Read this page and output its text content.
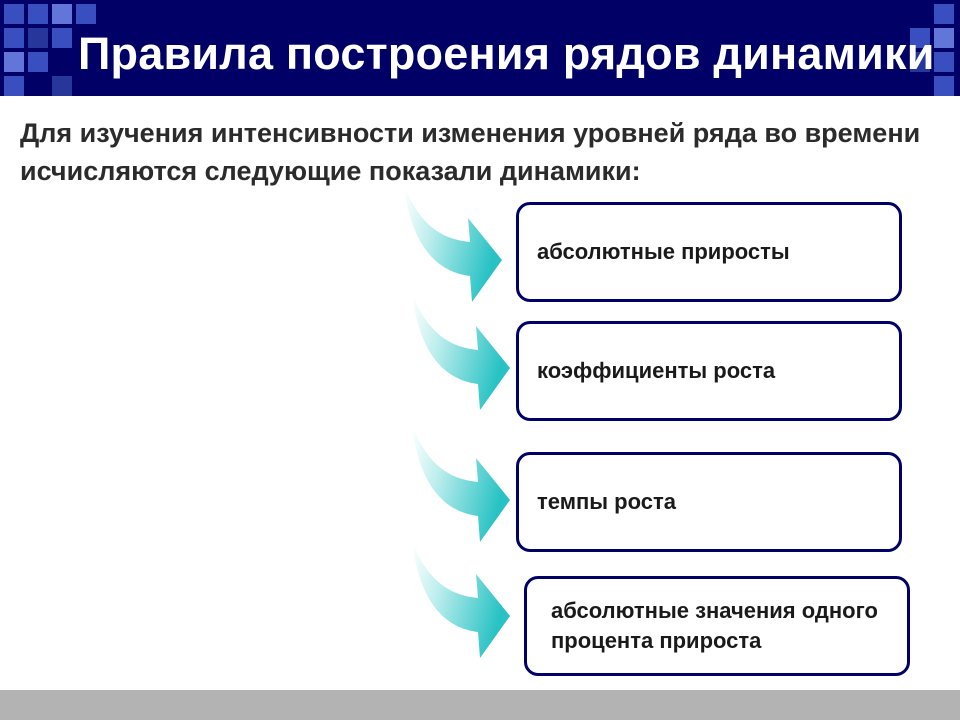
Правила построения рядов динамики
Для изучения интенсивности изменения уровней ряда во времени исчисляются следующие показали динамики:
абсолютные приросты
коэффициенты роста
темпы роста
абсолютные значения одного процента прироста
